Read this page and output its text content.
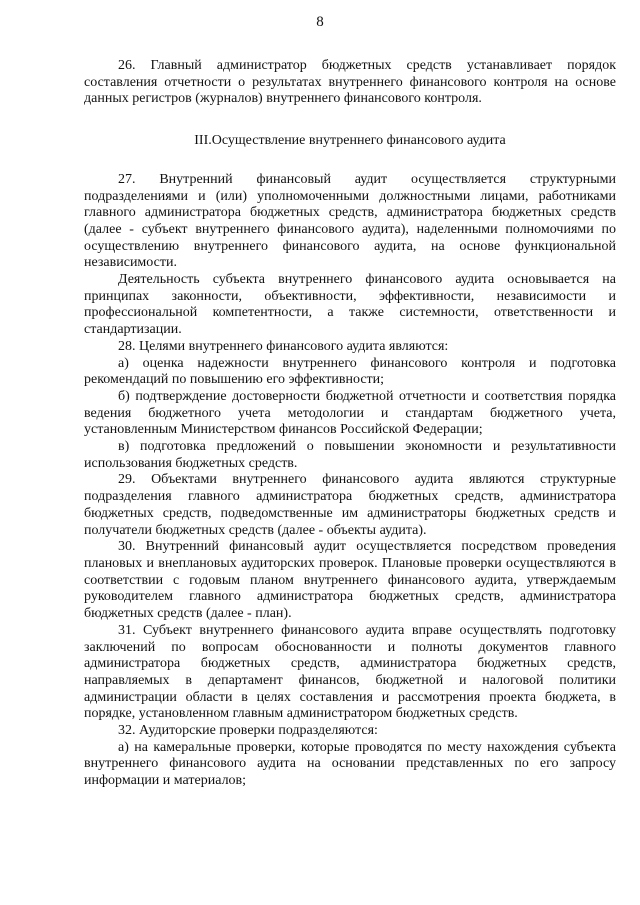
8

26. Главный администратор бюджетных средств устанавливает порядок составления отчетности о результатах внутреннего финансового контроля на основе данных регистров (журналов) внутреннего финансового контроля.

III.Осуществление внутреннего финансового аудита

27. Внутренний финансовый аудит осуществляется структурными подразделениями и (или) уполномоченными должностными лицами, работниками главного администратора бюджетных средств, администратора бюджетных средств (далее - субъект внутреннего финансового аудита), наделенными полномочиями по осуществлению внутреннего финансового аудита, на основе функциональной независимости.

Деятельность субъекта внутреннего финансового аудита основывается на принципах законности, объективности, эффективности, независимости и профессиональной компетентности, а также системности, ответственности и стандартизации.

28. Целями внутреннего финансового аудита являются:

а) оценка надежности внутреннего финансового контроля и подготовка рекомендаций по повышению его эффективности;

б) подтверждение достоверности бюджетной отчетности и соответствия порядка ведения бюджетного учета методологии и стандартам бюджетного учета, установленным Министерством финансов Российской Федерации;

в) подготовка предложений о повышении экономности и результативности использования бюджетных средств.

29. Объектами внутреннего финансового аудита являются структурные подразделения главного администратора бюджетных средств, администратора бюджетных средств, подведомственные им администраторы бюджетных средств и получатели бюджетных средств (далее - объекты аудита).

30. Внутренний финансовый аудит осуществляется посредством проведения плановых и внеплановых аудиторских проверок. Плановые проверки осуществляются в соответствии с годовым планом внутреннего финансового аудита, утверждаемым руководителем главного администратора бюджетных средств, администратора бюджетных средств (далее - план).

31. Субъект внутреннего финансового аудита вправе осуществлять подготовку заключений по вопросам обоснованности и полноты документов главного администратора бюджетных средств, администратора бюджетных средств, направляемых в департамент финансов, бюджетной и налоговой политики администрации области в целях составления и рассмотрения проекта бюджета, в порядке, установленном главным администратором бюджетных средств.

32. Аудиторские проверки подразделяются:

а) на камеральные проверки, которые проводятся по месту нахождения субъекта внутреннего финансового аудита на основании представленных по его запросу информации и материалов;
